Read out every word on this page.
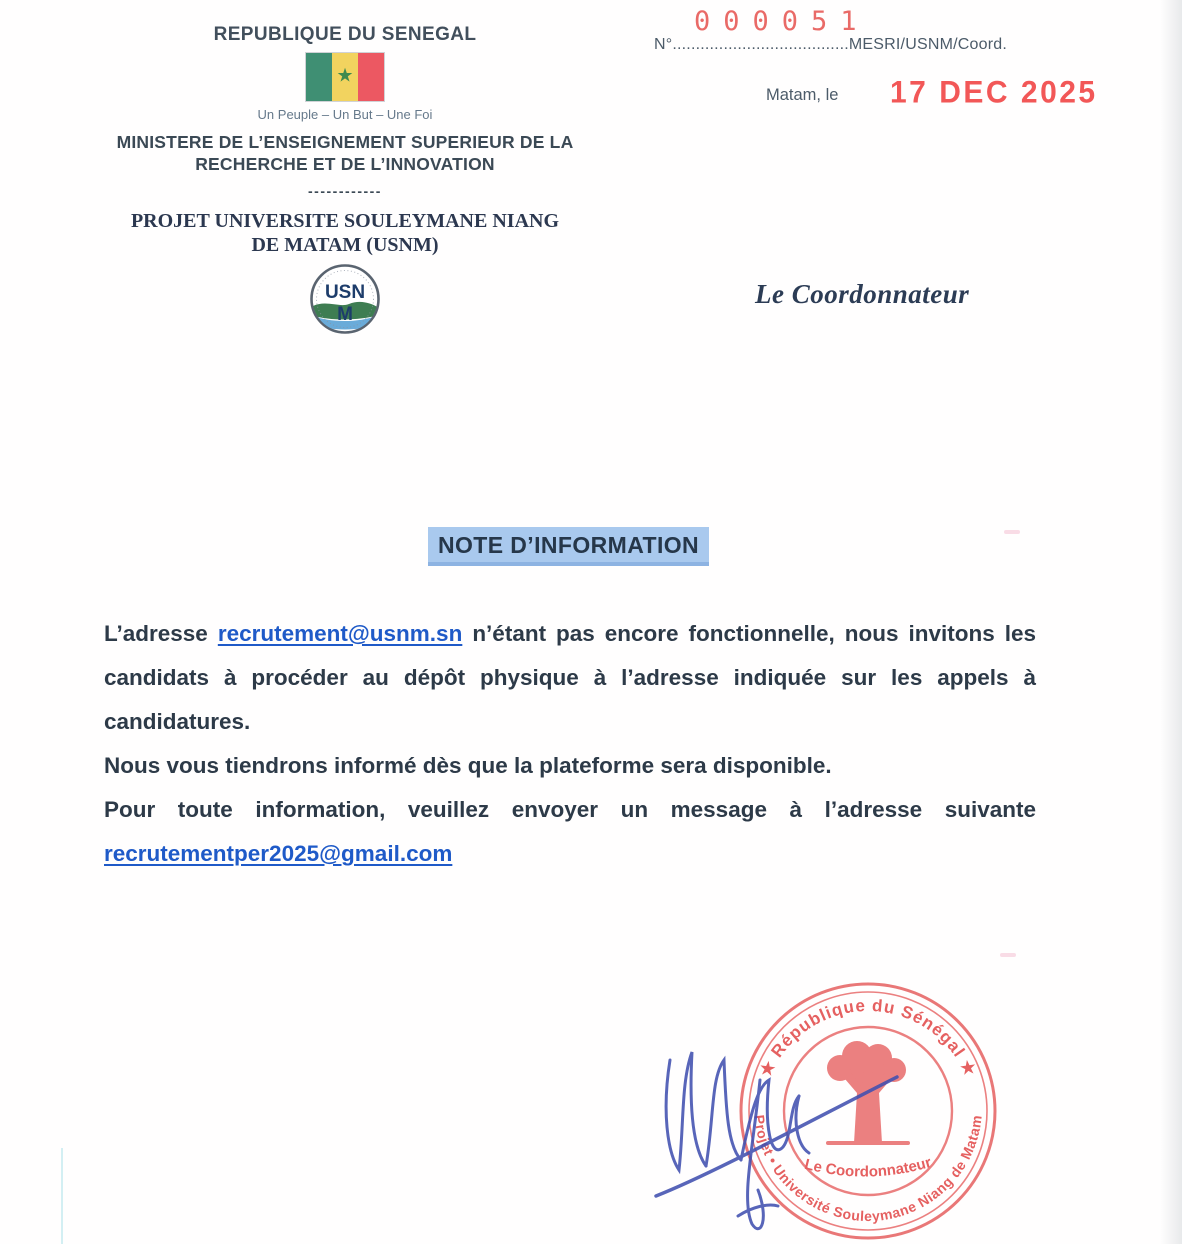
REPUBLIQUE DU SENEGAL
★
Un Peuple – Un But – Une Foi
MINISTERE DE L’ENSEIGNEMENT SUPERIEUR DE LA
RECHERCHE ET DE L’INNOVATION
------------
PROJET UNIVERSITE SOULEYMANE NIANG
DE MATAM (USNM)
USN
M
000051
N°......................................MESRI/USNM/Coord.
Matam, le 17 DEC 2025
Le Coordonnateur
NOTE D’INFORMATION

L’adresse recrutement@usnm.sn n’étant pas encore fonctionnelle, nous invitons les candidats à procéder au dépôt physique à l’adresse indiquée sur les appels à candidatures.

Nous vous tiendrons informé dès que la plateforme sera disponible.

Pour toute information, veuillez envoyer un message à l’adresse suivante recrutementper2025@gmail.com

★ République du Sénégal ★
Projet • Université Souleymane Niang de Matam
Le Coordonnateur
